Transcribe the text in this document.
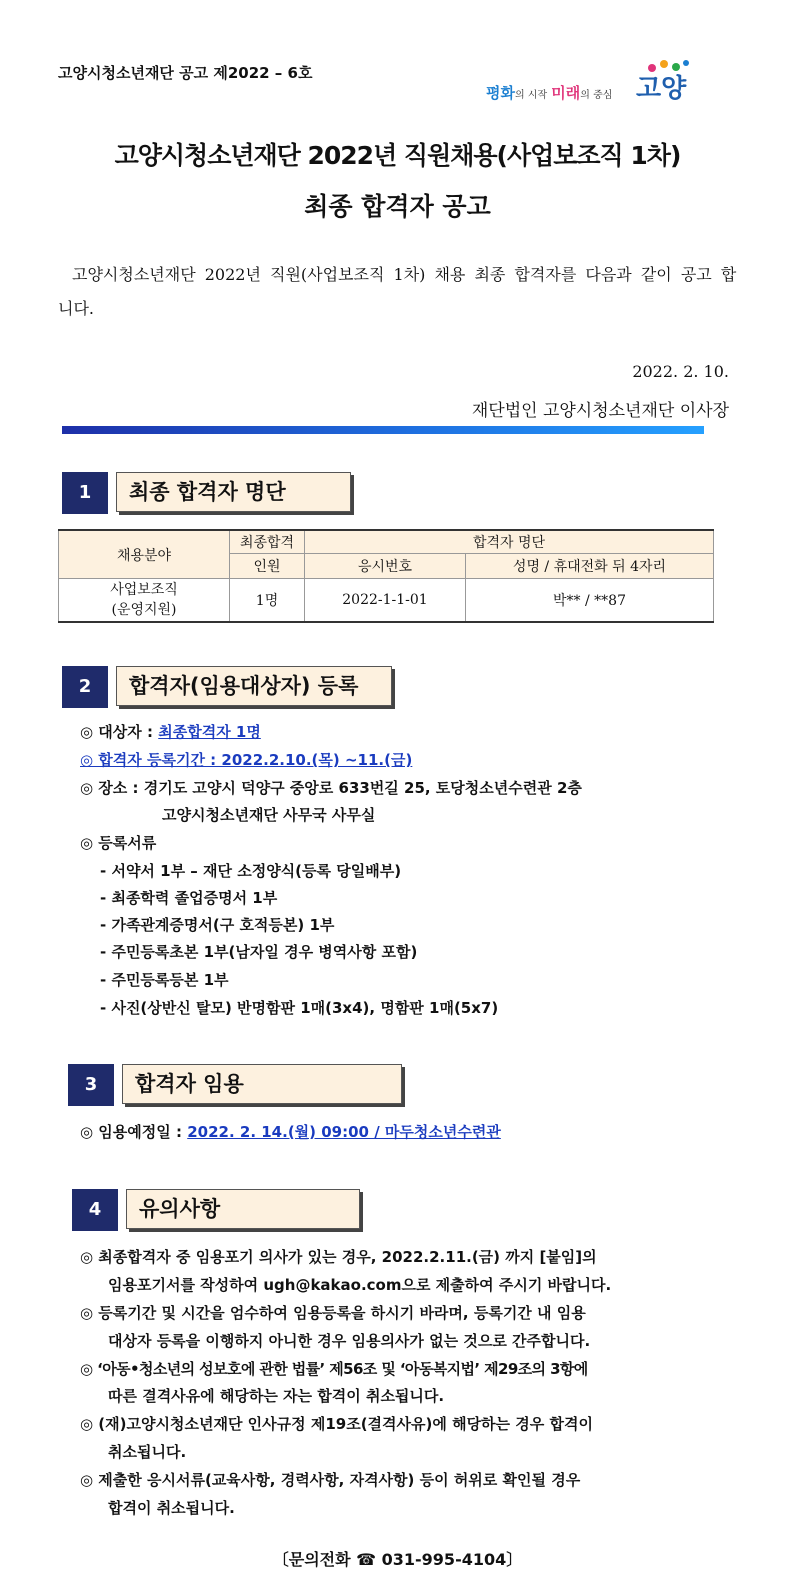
고양시청소년재단 공고 제2022 – 6호
평화의 시작 미래의 중심 고양
고양시청소년재단 2022년 직원채용(사업보조직 1차)
최종 합격자 공고
고양시청소년재단 2022년 직원(사업보조직 1차) 채용 최종 합격자를 다음과 같이 공고 합니다.
2022. 2. 10.
재단법인 고양시청소년재단 이사장
1	최종 합격자 명단
채용분야	최종합격	합격자 명단	
	인원	응시번호	성명 / 휴대전화 뒤 4자리

사업보조직
(운영지원)	1명	2022-1-1-01	박** / **87
2	합격자(임용대상자) 등록
◎ 대상자 : 최종합격자 1명
◎ 합격자 등록기간 : 2022.2.10.(목) ~11.(금)
◎ 장소 : 경기도 고양시 덕양구 중앙로 633번길 25, 토당청소년수련관 2층
고양시청소년재단 사무국 사무실
◎ 등록서류
- 서약서 1부 – 재단 소정양식(등록 당일배부)
- 최종학력 졸업증명서 1부
- 가족관계증명서(구 호적등본) 1부
- 주민등록초본 1부(남자일 경우 병역사항 포함)
- 주민등록등본 1부
- 사진(상반신 탈모) 반명함판 1매(3x4), 명함판 1매(5x7)
3	합격자 임용
◎ 임용예정일 : 2022. 2. 14.(월) 09:00 / 마두청소년수련관
4	유의사항
◎ 최종합격자 중 임용포기 의사가 있는 경우, 2022.2.11.(금) 까지 [붙임]의
임용포기서를 작성하여 ugh@kakao.com으로 제출하여 주시기 바랍니다.
◎ 등록기간 및 시간을 엄수하여 임용등록을 하시기 바라며, 등록기간 내 임용
대상자 등록을 이행하지 아니한 경우 임용의사가 없는 것으로 간주합니다.
◎ ‘아동•청소년의 성보호에 관한 법률’ 제56조 및 ‘아동복지법’ 제29조의 3항에
따른 결격사유에 해당하는 자는 합격이 취소됩니다.
◎ (재)고양시청소년재단 인사규정 제19조(결격사유)에 해당하는 경우 합격이
취소됩니다.
◎ 제출한 응시서류(교육사항, 경력사항, 자격사항) 등이 허위로 확인될 경우
합격이 취소됩니다.
〔문의전화 ☎ 031-995-4104〕
